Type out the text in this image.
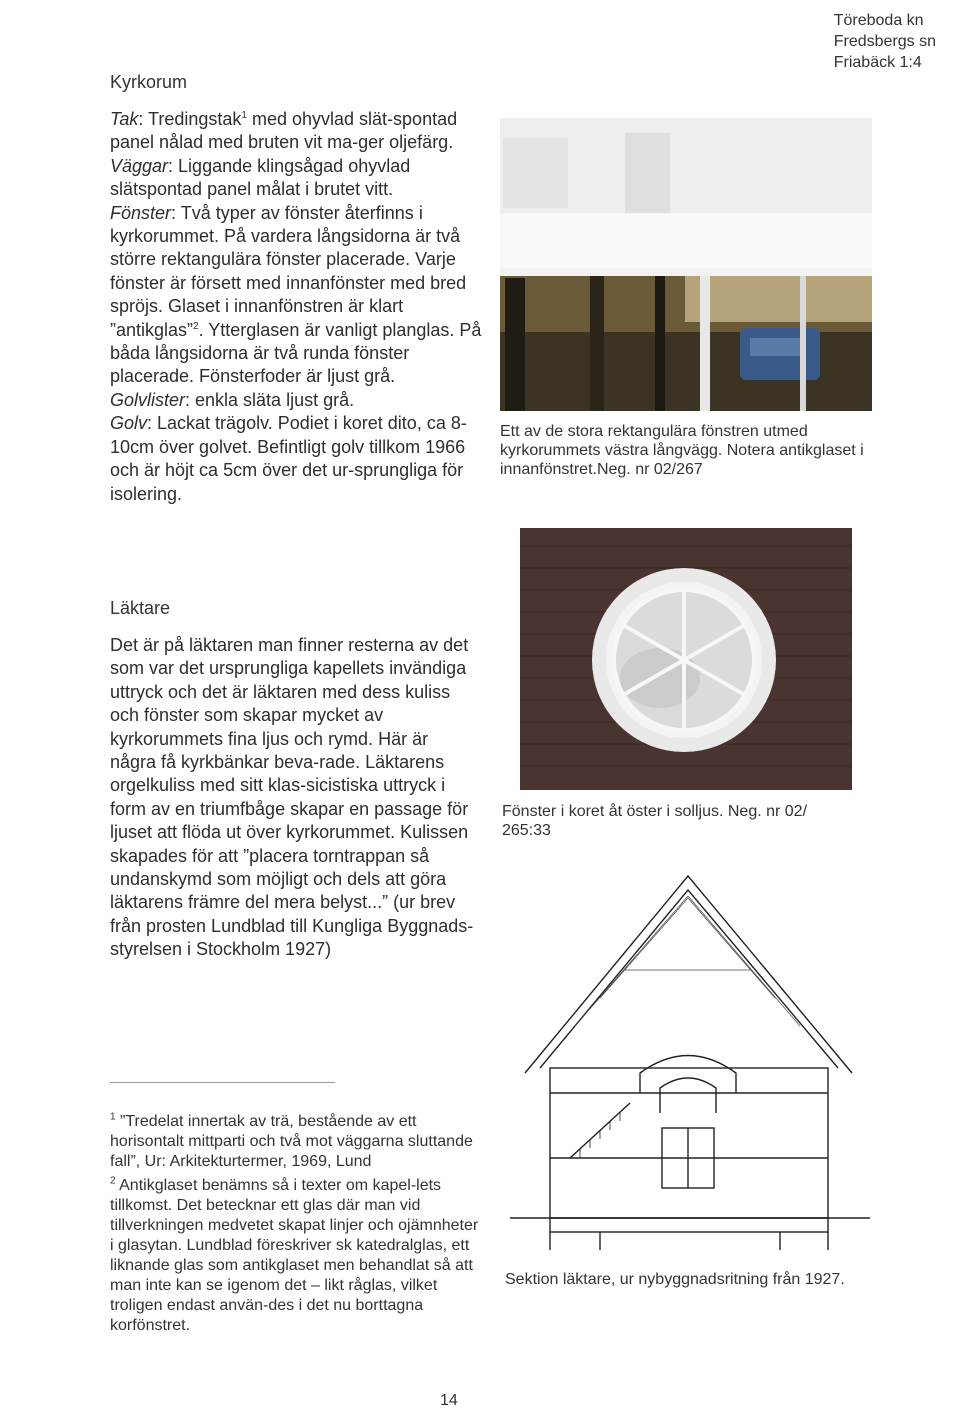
Töreboda kn
Fredsbergs sn
Friabäck 1:4
Kyrkorum

Tak: Tredingstak$^1$ med ohyvlad slät-spontad panel nålad med bruten vit ma-ger oljefärg.

Väggar: Liggande klingsågad ohyvlad slätspontad panel målat i brutet vitt.

Fönster: Två typer av fönster återfinns i kyrkorummet. På vardera långsidorna är två större rektangulära fönster placerade. Varje fönster är försett med innanfönster med bred spröjs. Glaset i innanfönstren är klart ”antikglas”$^2$. Ytterglasen är vanligt planglas. På båda långsidorna är två runda fönster placerade. Fönsterfoder är ljust grå.

Golvlister: enkla släta ljust grå.

Golv: Lackat trägolv. Podiet i koret dito, ca 8-10cm över golvet. Befintligt golv tillkom 1966 och är höjt ca 5cm över det ur-sprungliga för isolering.

Läktare

Det är på läktaren man finner resterna av det som var det ursprungliga kapellets invändiga uttryck och det är läktaren med dess kuliss och fönster som skapar mycket av kyrkorummets fina ljus och rymd. Här är några få kyrkbänkar beva-rade. Läktarens orgelkuliss med sitt klas-sicistiska uttryck i form av en triumfbåge skapar en passage för ljuset att flöda ut över kyrkorummet. Kulissen skapades för att ”placera torntrappan så undanskymd som möjligt och dels att göra läktarens främre del mera belyst...” (ur brev från prosten Lundblad till Kungliga Byggnads-styrelsen i Stockholm 1927)

Ett av de stora rektangulära fönstren utmed kyrkorummets västra långvägg. Notera antikglaset i innanfönstret.Neg. nr 02/267
Fönster i koret åt öster i solljus. Neg. nr 02/ 265:33
Sektion läktare, ur nybyggnadsritning från 1927.

$^1$ ”Tredelat innertak av trä, bestående av ett horisontalt mittparti och två mot väggarna sluttande fall”, Ur: Arkitekturtermer, 1969, Lund

$^2$ Antikglaset benämns så i texter om kapel-lets tillkomst. Det betecknar ett glas där man vid tillverkningen medvetet skapat linjer och ojämnheter i glasytan. Lundblad föreskriver sk katedralglas, ett liknande glas som antikglaset men behandlat så att man inte kan se igenom det – likt råglas, vilket troligen endast använ-des i det nu borttagna korfönstret.

14
